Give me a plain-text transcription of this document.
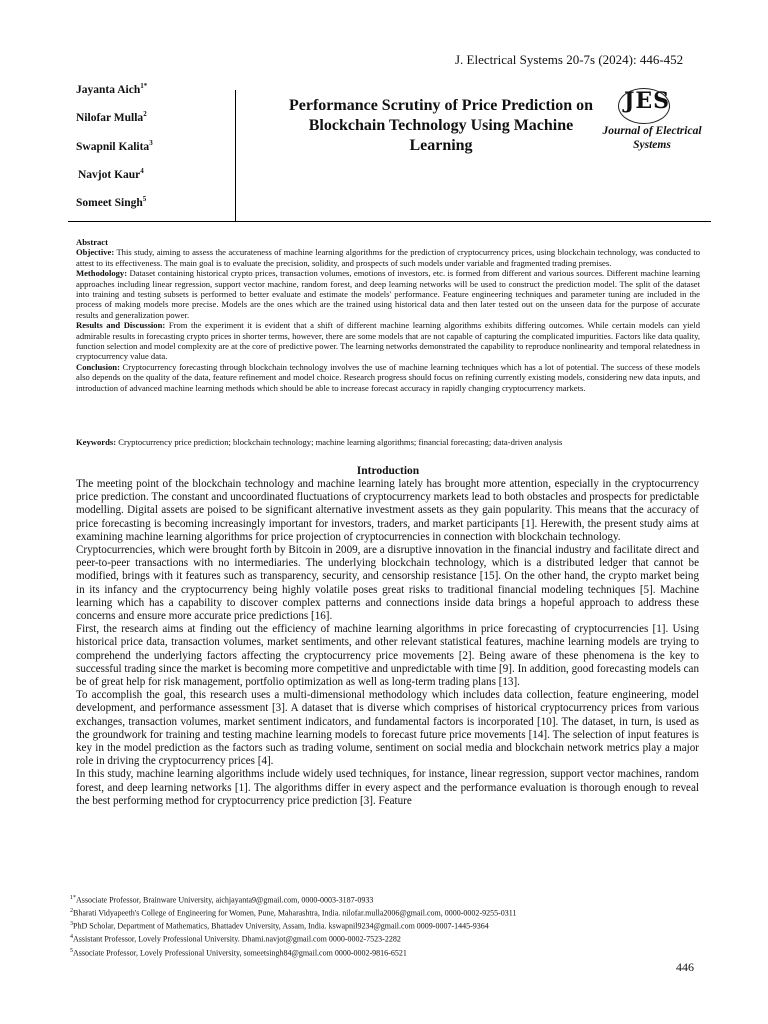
J. Electrical Systems 20-7s (2024): 446-452
Jayanta Aich$^{1*}$
Nilofar Mulla$^2$
Swapnil Kalita$^3$
Navjot Kaur$^4$
Someet Singh$^5$
Performance Scrutiny of Price Prediction on Blockchain Technology Using Machine Learning
JES
Journal of Electrical Systems

Abstract

Objective: This study, aiming to assess the accurateness of machine learning algorithms for the prediction of cryptocurrency prices, using blockchain technology, was conducted to attest to its effectiveness. The main goal is to evaluate the precision, solidity, and prospects of such models under variable and fragmented trading premises.

Methodology: Dataset containing historical crypto prices, transaction volumes, emotions of investors, etc. is formed from different and various sources. Different machine learning approaches including linear regression, support vector machine, random forest, and deep learning networks will be used to construct the prediction model. The split of the dataset into training and testing subsets is performed to better evaluate and estimate the models' performance. Feature engineering techniques and parameter tuning are included in the process of making models more precise. Models are the ones which are the trained using historical data and then later tested out on the unseen data for the purpose of accurate results and generalization power.

Results and Discussion: From the experiment it is evident that a shift of different machine learning algorithms exhibits differing outcomes. While certain models can yield admirable results in forecasting crypto prices in shorter terms, however, there are some models that are not capable of capturing the complicated impurities. Factors like data quality, function selection and model complexity are at the core of predictive power. The learning networks demonstrated the capability to reproduce nonlinearity and temporal relatedness in cryptocurrency value data.

Conclusion: Cryptocurrency forecasting through blockchain technology involves the use of machine learning techniques which has a lot of potential. The success of these models also depends on the quality of the data, feature refinement and model choice. Research progress should focus on refining currently existing models, considering new data inputs, and introduction of advanced machine learning methods which should be able to increase forecast accuracy in rapidly changing cryptocurrency markets.

Keywords: Cryptocurrency price prediction; blockchain technology; machine learning algorithms; financial forecasting; data-driven analysis
Introduction

The meeting point of the blockchain technology and machine learning lately has brought more attention, especially in the cryptocurrency price prediction. The constant and uncoordinated fluctuations of cryptocurrency markets lead to both obstacles and prospects for predictable modelling. Digital assets are poised to be significant alternative investment assets as they gain popularity. This means that the accuracy of price forecasting is becoming increasingly important for investors, traders, and market participants [1]. Herewith, the present study aims at examining machine learning algorithms for price projection of cryptocurrencies in connection with blockchain technology.

Cryptocurrencies, which were brought forth by Bitcoin in 2009, are a disruptive innovation in the financial industry and facilitate direct and peer-to-peer transactions with no intermediaries. The underlying blockchain technology, which is a distributed ledger that cannot be modified, brings with it features such as transparency, security, and censorship resistance [15]. On the other hand, the crypto market being in its infancy and the cryptocurrency being highly volatile poses great risks to traditional financial modeling techniques [5]. Machine learning which has a capability to discover complex patterns and connections inside data brings a hopeful approach to address these concerns and ensure more accurate price predictions [16].

First, the research aims at finding out the efficiency of machine learning algorithms in price forecasting of cryptocurrencies [1]. Using historical price data, transaction volumes, market sentiments, and other relevant statistical features, machine learning models are trying to comprehend the underlying factors affecting the cryptocurrency price movements [2]. Being aware of these phenomena is the key to successful trading since the market is becoming more competitive and unpredictable with time [9]. In addition, good forecasting models can be of great help for risk management, portfolio optimization as well as long-term trading plans [13].

To accomplish the goal, this research uses a multi-dimensional methodology which includes data collection, feature engineering, model development, and performance assessment [3]. A dataset that is diverse which comprises of historical cryptocurrency prices from various exchanges, transaction volumes, market sentiment indicators, and fundamental factors is incorporated [10]. The dataset, in turn, is used as the groundwork for training and testing machine learning models to forecast future price movements [14]. The selection of input features is key in the model prediction as the factors such as trading volume, sentiment on social media and blockchain network metrics play a major role in driving the cryptocurrency prices [4].

In this study, machine learning algorithms include widely used techniques, for instance, linear regression, support vector machines, random forest, and deep learning networks [1]. The algorithms differ in every aspect and the performance evaluation is thorough enough to reveal the best performing method for cryptocurrency price prediction [3]. Feature

$^{1*}$Associate Professor, Brainware University, aichjayanta9@gmail.com, 0000-0003-3187-0933
$^2$Bharati Vidyapeeth's College of Engineering for Women, Pune, Maharashtra, India. nilofar.mulla2006@gmail.com, 0000-0002-9255-0311
$^3$PhD Scholar, Department of Mathematics, Bhattadev University, Assam, India. kswapnil9234@gmail.com 0009-0007-1445-9364
$^4$Assistant Professor, Lovely Professional University. Dhami.navjot@gmail.com 0000-0002-7523-2282
$^5$Associate Professor, Lovely Professional University, someetsingh84@gmail.com 0000-0002-9816-6521
446
